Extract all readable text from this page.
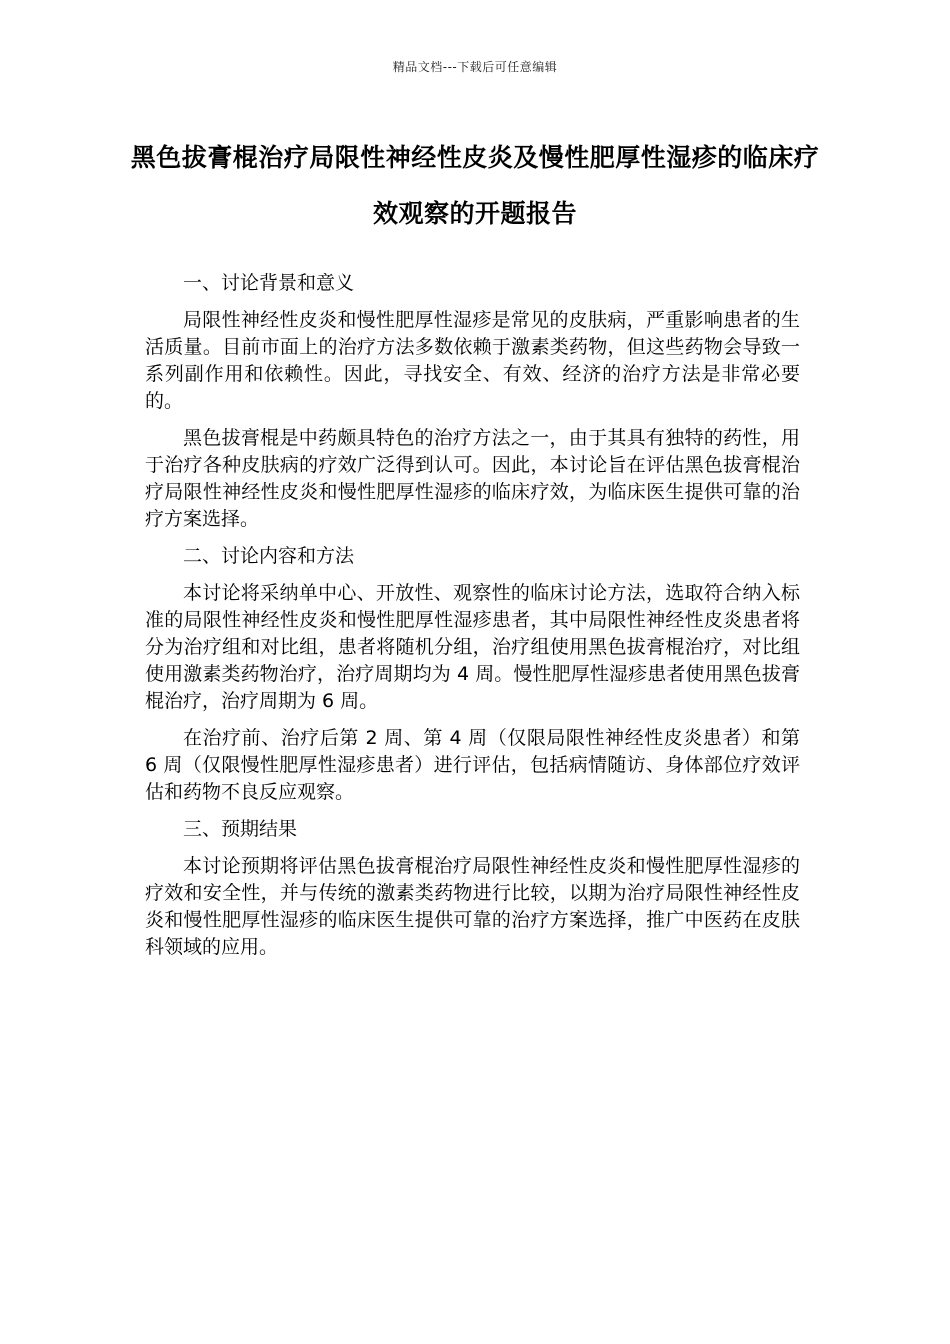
精品文档---下载后可任意编辑
黑色拔膏棍治疗局限性神经性皮炎及慢性肥厚性湿疹的临床疗效观察的开题报告

一、讨论背景和意义

局限性神经性皮炎和慢性肥厚性湿疹是常见的皮肤病，严重影响患者的生活质量。目前市面上的治疗方法多数依赖于激素类药物，但这些药物会导致一系列副作用和依赖性。因此，寻找安全、有效、经济的治疗方法是非常必要的。

黑色拔膏棍是中药颇具特色的治疗方法之一，由于其具有独特的药性，用于治疗各种皮肤病的疗效广泛得到认可。因此，本讨论旨在评估黑色拔膏棍治疗局限性神经性皮炎和慢性肥厚性湿疹的临床疗效，为临床医生提供可靠的治疗方案选择。

二、讨论内容和方法

本讨论将采纳单中心、开放性、观察性的临床讨论方法，选取符合纳入标准的局限性神经性皮炎和慢性肥厚性湿疹患者，其中局限性神经性皮炎患者将分为治疗组和对比组，患者将随机分组，治疗组使用黑色拔膏棍治疗，对比组使用激素类药物治疗，治疗周期均为 4 周。慢性肥厚性湿疹患者使用黑色拔膏棍治疗，治疗周期为 6 周。

在治疗前、治疗后第 2 周、第 4 周（仅限局限性神经性皮炎患者）和第 6 周（仅限慢性肥厚性湿疹患者）进行评估，包括病情随访、身体部位疗效评估和药物不良反应观察。

三、预期结果

本讨论预期将评估黑色拔膏棍治疗局限性神经性皮炎和慢性肥厚性湿疹的疗效和安全性，并与传统的激素类药物进行比较，以期为治疗局限性神经性皮炎和慢性肥厚性湿疹的临床医生提供可靠的治疗方案选择，推广中医药在皮肤科领域的应用。
